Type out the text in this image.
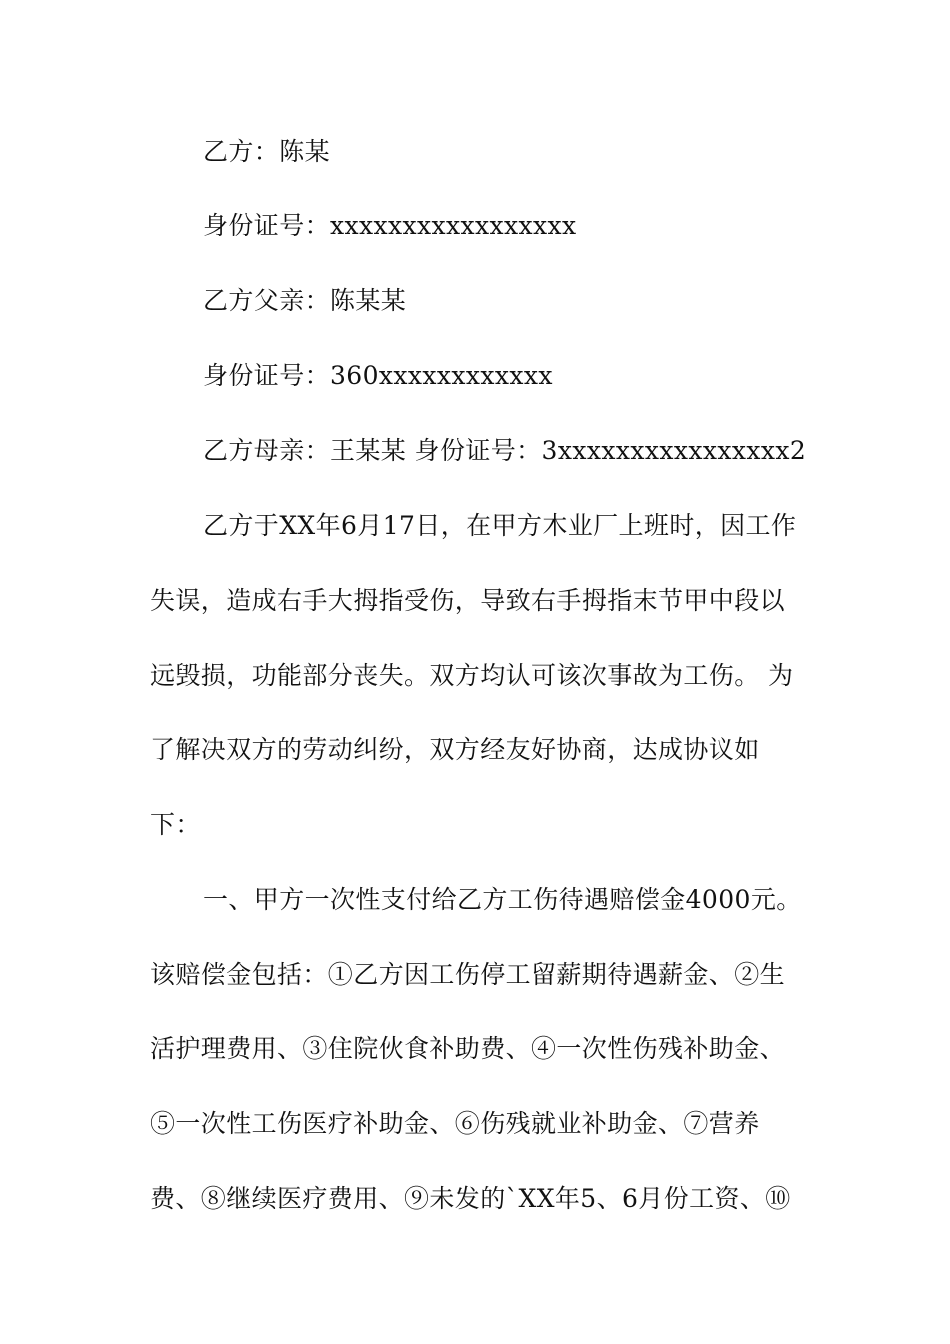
乙方：陈某
身份证号：xxxxxxxxxxxxxxxxx
乙方父亲：陈某某
身份证号：360xxxxxxxxxxxx
乙方母亲：王某某 身份证号：3xxxxxxxxxxxxxxxx2
乙方于XX年6月17日，在甲方木业厂上班时，因工作
失误，造成右手大拇指受伤，导致右手拇指末节甲中段以
远毁损，功能部分丧失。双方均认可该次事故为工伤。 为
了解决双方的劳动纠纷，双方经友好协商，达成协议如
下：
一、甲方一次性支付给乙方工伤待遇赔偿金4000元。
该赔偿金包括：①乙方因工伤停工留薪期待遇薪金、②生
活护理费用、③住院伙食补助费、④一次性伤残补助金、
⑤一次性工伤医疗补助金、⑥伤残就业补助金、⑦营养
费、⑧继续医疗费用、⑨未发的`XX年5、6月份工资、⑩
